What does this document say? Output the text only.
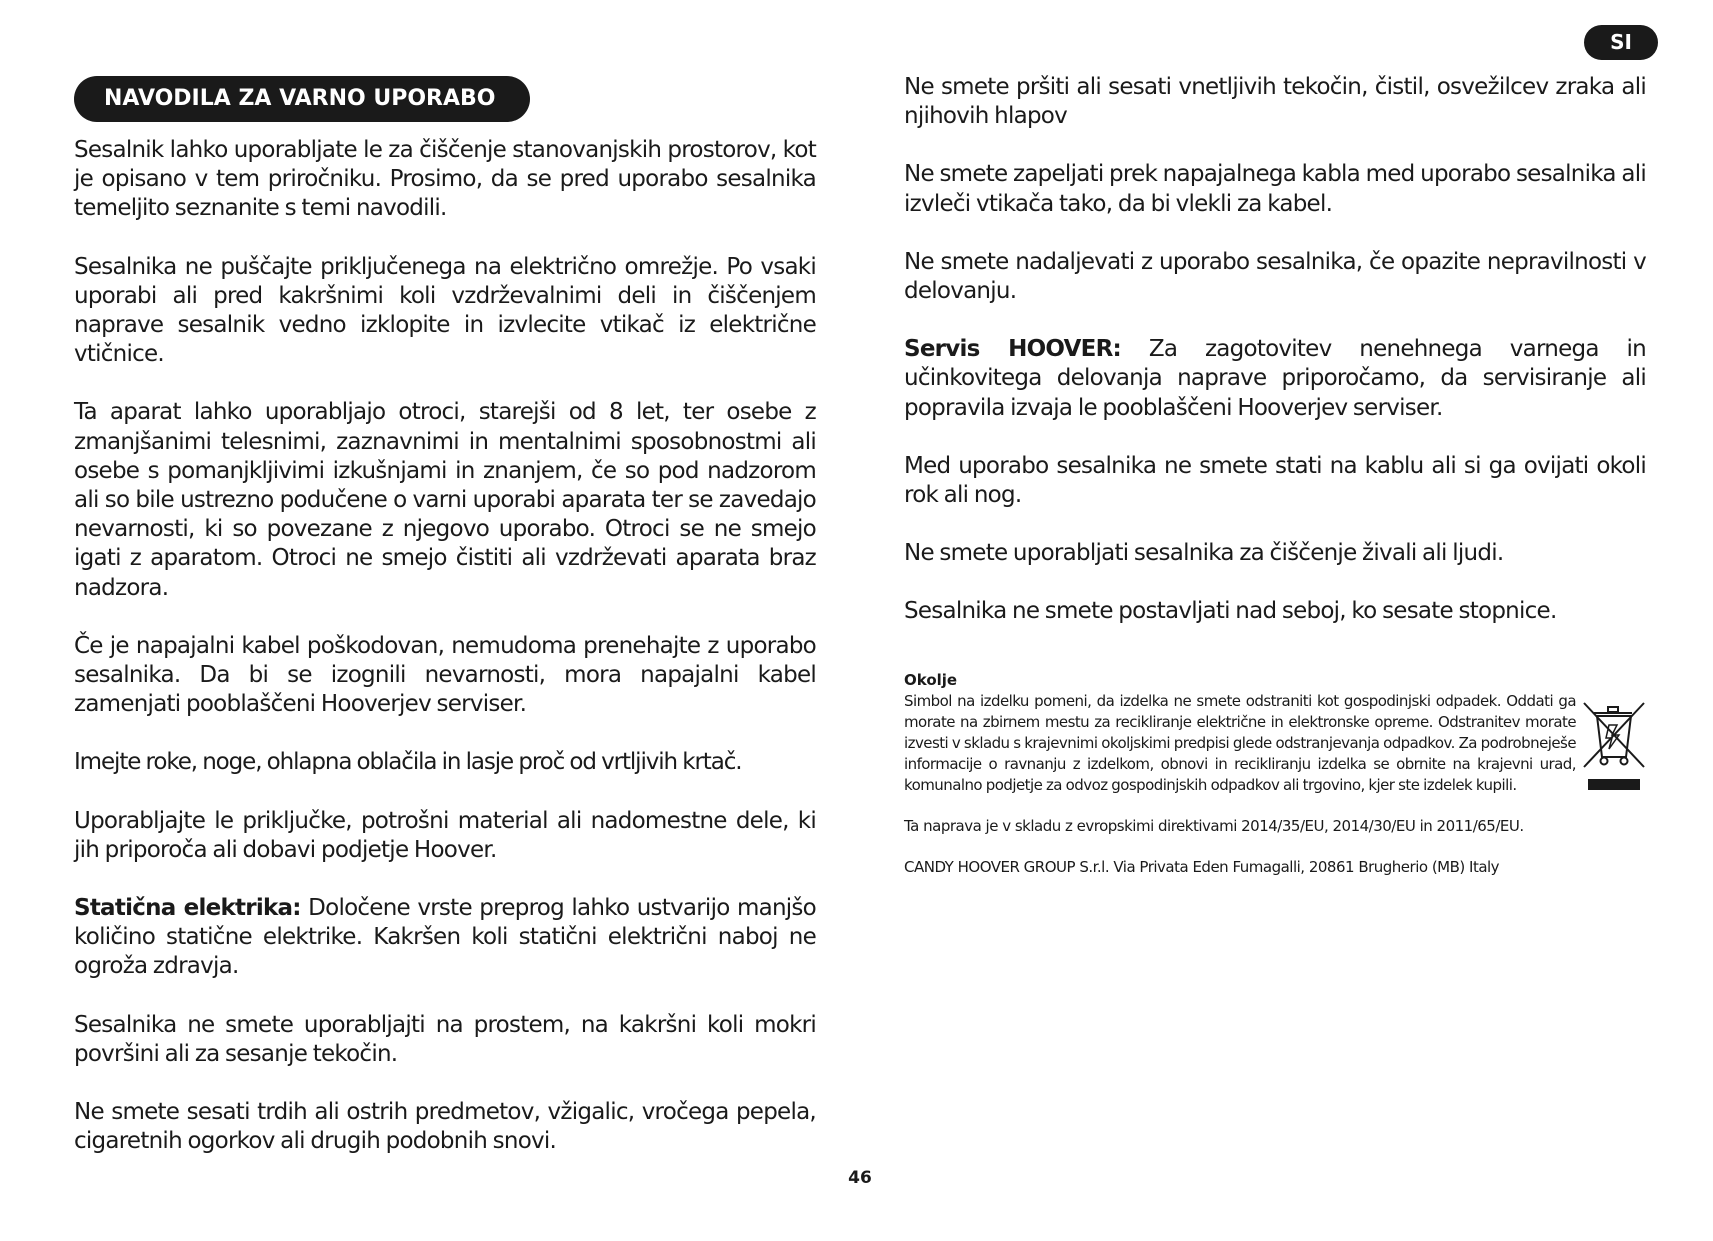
SI
NAVODILA ZA VARNO UPORABO

Sesalnik lahko uporabljate le za čiščenje stanovanjskih prostorov, kot je opisano v tem priročniku. Prosimo, da se pred uporabo sesalnika temeljito seznanite s temi navodili.

Sesalnika ne puščajte priključenega na električno omrežje. Po vsaki uporabi ali pred kakršnimi koli vzdrževalnimi deli in čiščenjem naprave sesalnik vedno izklopite in izvlecite vtikač iz električne vtičnice.

Ta aparat lahko uporabljajo otroci, starejši od 8 let, ter osebe z zmanjšanimi telesnimi, zaznavnimi in mentalnimi sposobnostmi ali osebe s pomanjkljivimi izkušnjami in znanjem, če so pod nadzorom ali so bile ustrezno podučene o varni uporabi aparata ter se zavedajo nevarnosti, ki so povezane z njegovo uporabo. Otroci se ne smejo igati z aparatom. Otroci ne smejo čistiti ali vzdrževati aparata braz nadzora.

Če je napajalni kabel poškodovan, nemudoma prenehajte z uporabo sesalnika. Da bi se izognili nevarnosti, mora napajalni kabel zamenjati pooblaščeni Hooverjev serviser.

Imejte roke, noge, ohlapna oblačila in lasje proč od vrtljivih krtač.

Uporabljajte le priključke, potrošni material ali nadomestne dele, ki jih priporoča ali dobavi podjetje Hoover.

Statična elektrika: Določene vrste preprog lahko ustvarijo manjšo količino statične elektrike. Kakršen koli statični električni naboj ne ogroža zdravja.

Sesalnika ne smete uporabljajti na prostem, na kakršni koli mokri površini ali za sesanje tekočin.

Ne smete sesati trdih ali ostrih predmetov, vžigalic, vročega pepela, cigaretnih ogorkov ali drugih podobnih snovi.

Ne smete pršiti ali sesati vnetljivih tekočin, čistil, osvežilcev zraka ali njihovih hlapov

Ne smete zapeljati prek napajalnega kabla med uporabo sesalnika ali izvleči vtikača tako, da bi vlekli za kabel.

Ne smete nadaljevati z uporabo sesalnika, če opazite nepravilnosti v delovanju.

Servis HOOVER: Za zagotovitev nenehnega varnega in učinkovitega delovanja naprave priporočamo, da servisiranje ali popravila izvaja le pooblaščeni Hooverjev serviser.

Med uporabo sesalnika ne smete stati na kablu ali si ga ovijati okoli rok ali nog.

Ne smete uporabljati sesalnika za čiščenje živali ali ljudi.

Sesalnika ne smete postavljati nad seboj, ko sesate stopnice.

Okolje

Simbol na izdelku pomeni, da izdelka ne smete odstraniti kot gospodinjski odpadek. Oddati ga morate na zbirnem mestu za recikliranje električne in elektronske opreme. Odstranitev morate izvesti v skladu s krajevnimi okoljskimi predpisi glede odstranjevanja odpadkov. Za podrobneješe informacije o ravnanju z izdelkom, obnovi in recikliranju izdelka se obrnite na krajevni urad, komunalno podjetje za odvoz gospodinjskih odpadkov ali trgovino, kjer ste izdelek kupili.

Ta naprava je v skladu z evropskimi direktivami 2014/35/EU, 2014/30/EU in 2011/65/EU.

CANDY HOOVER GROUP S.r.l. Via Privata Eden Fumagalli, 20861 Brugherio (MB) Italy

46
